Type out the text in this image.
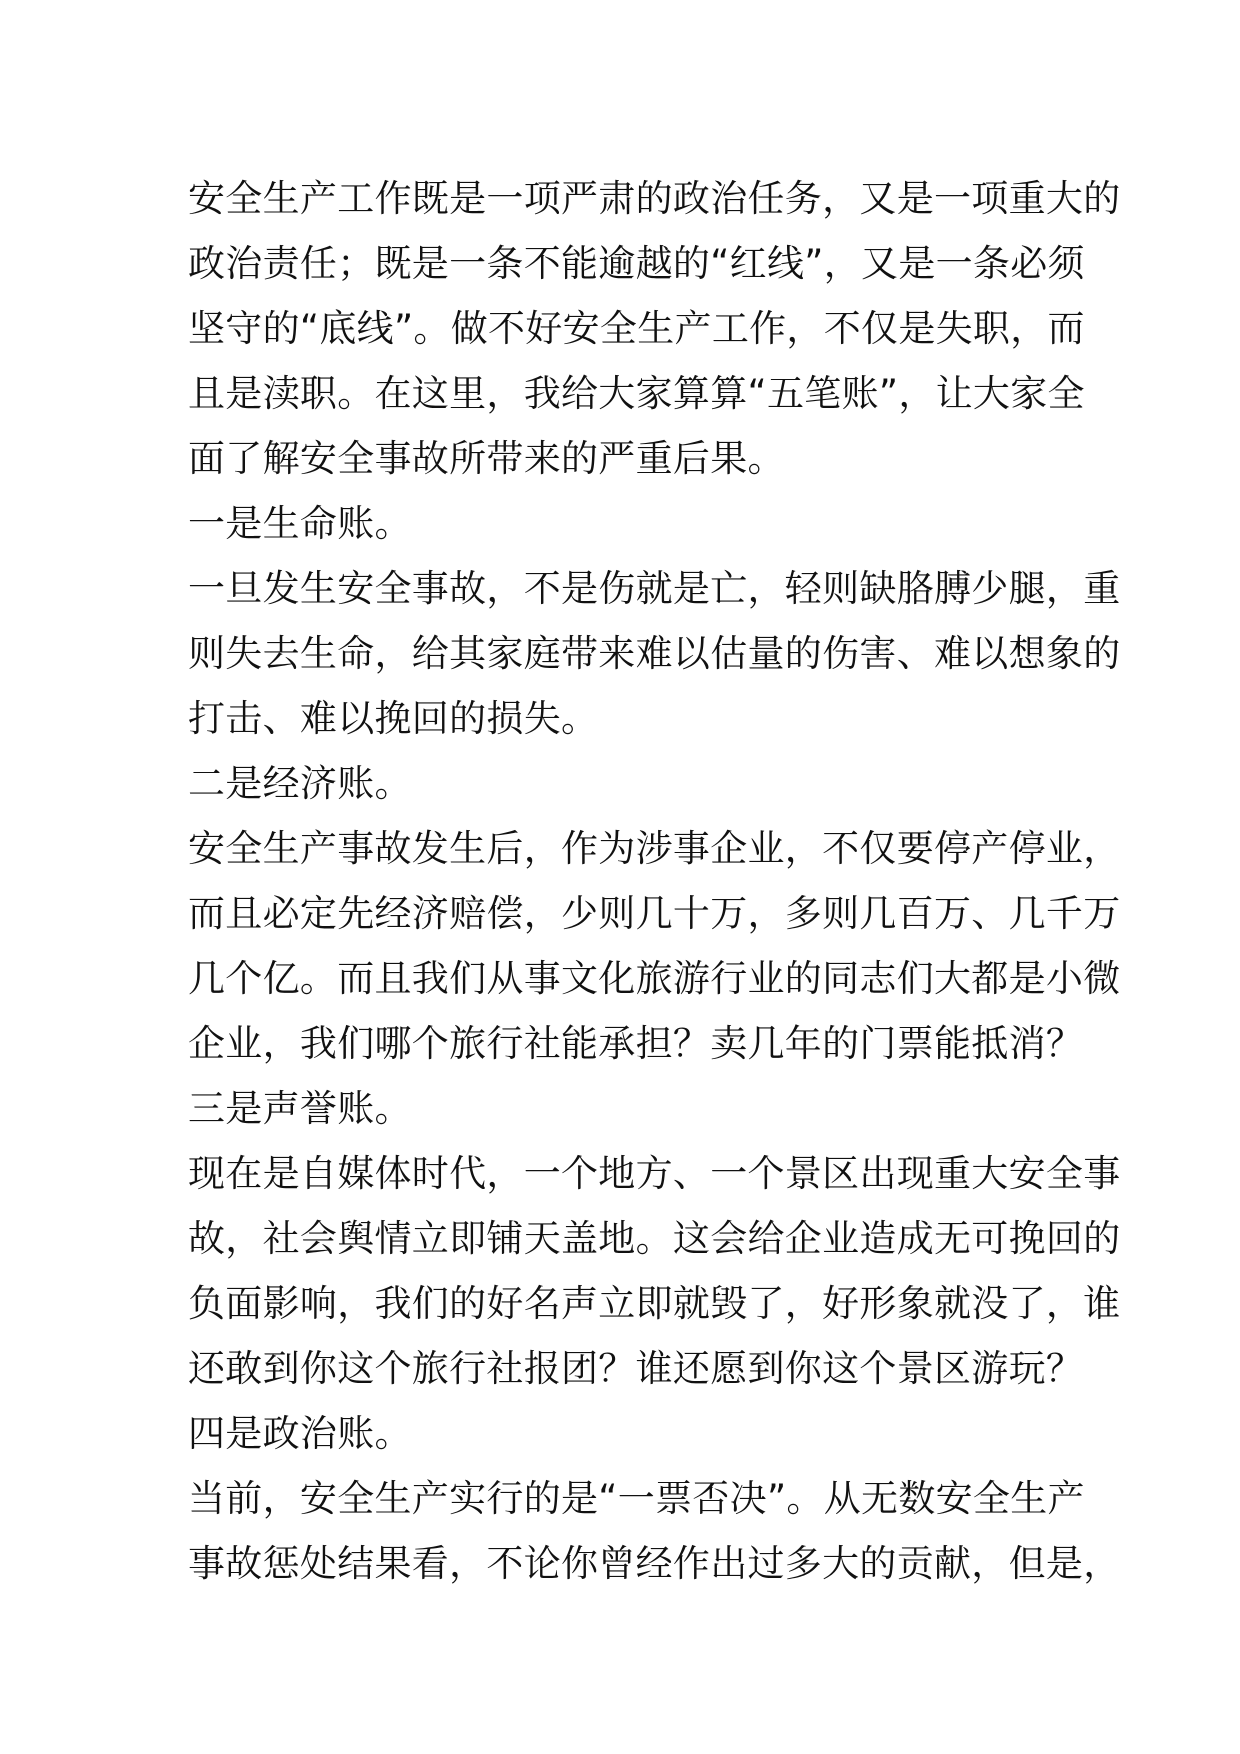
安全生产工作既是一项严肃的政治任务，又是一项重大的
政治责任；既是一条不能逾越的“红线”，又是一条必须
坚守的“底线”。做不好安全生产工作，不仅是失职，而
且是渎职。在这里，我给大家算算“五笔账”，让大家全
面了解安全事故所带来的严重后果。
一是生命账。
一旦发生安全事故，不是伤就是亡，轻则缺胳膊少腿，重
则失去生命，给其家庭带来难以估量的伤害、难以想象的
打击、难以挽回的损失。
二是经济账。
安全生产事故发生后，作为涉事企业，不仅要停产停业，
而且必定先经济赔偿，少则几十万，多则几百万、几千万
几个亿。而且我们从事文化旅游行业的同志们大都是小微
企业，我们哪个旅行社能承担？卖几年的门票能抵消？
三是声誉账。
现在是自媒体时代，一个地方、一个景区出现重大安全事
故，社会舆情立即铺天盖地。这会给企业造成无可挽回的
负面影响，我们的好名声立即就毁了，好形象就没了，谁
还敢到你这个旅行社报团？谁还愿到你这个景区游玩？
四是政治账。
当前，安全生产实行的是“一票否决”。从无数安全生产
事故惩处结果看，不论你曾经作出过多大的贡献，但是，
